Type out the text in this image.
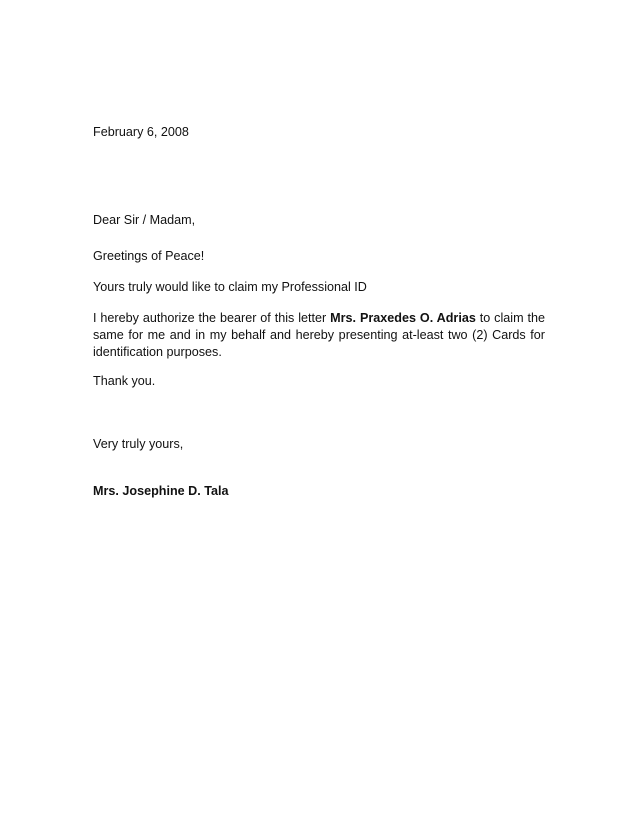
February 6, 2008
Dear Sir / Madam,
Greetings of Peace!
Yours truly would like to claim my Professional ID
I hereby authorize the bearer of this letter Mrs. Praxedes O. Adrias to claim the same for me and in my behalf and hereby presenting at-least two (2) Cards for identification purposes.
Thank you.
Very truly yours,
Mrs. Josephine D. Tala
